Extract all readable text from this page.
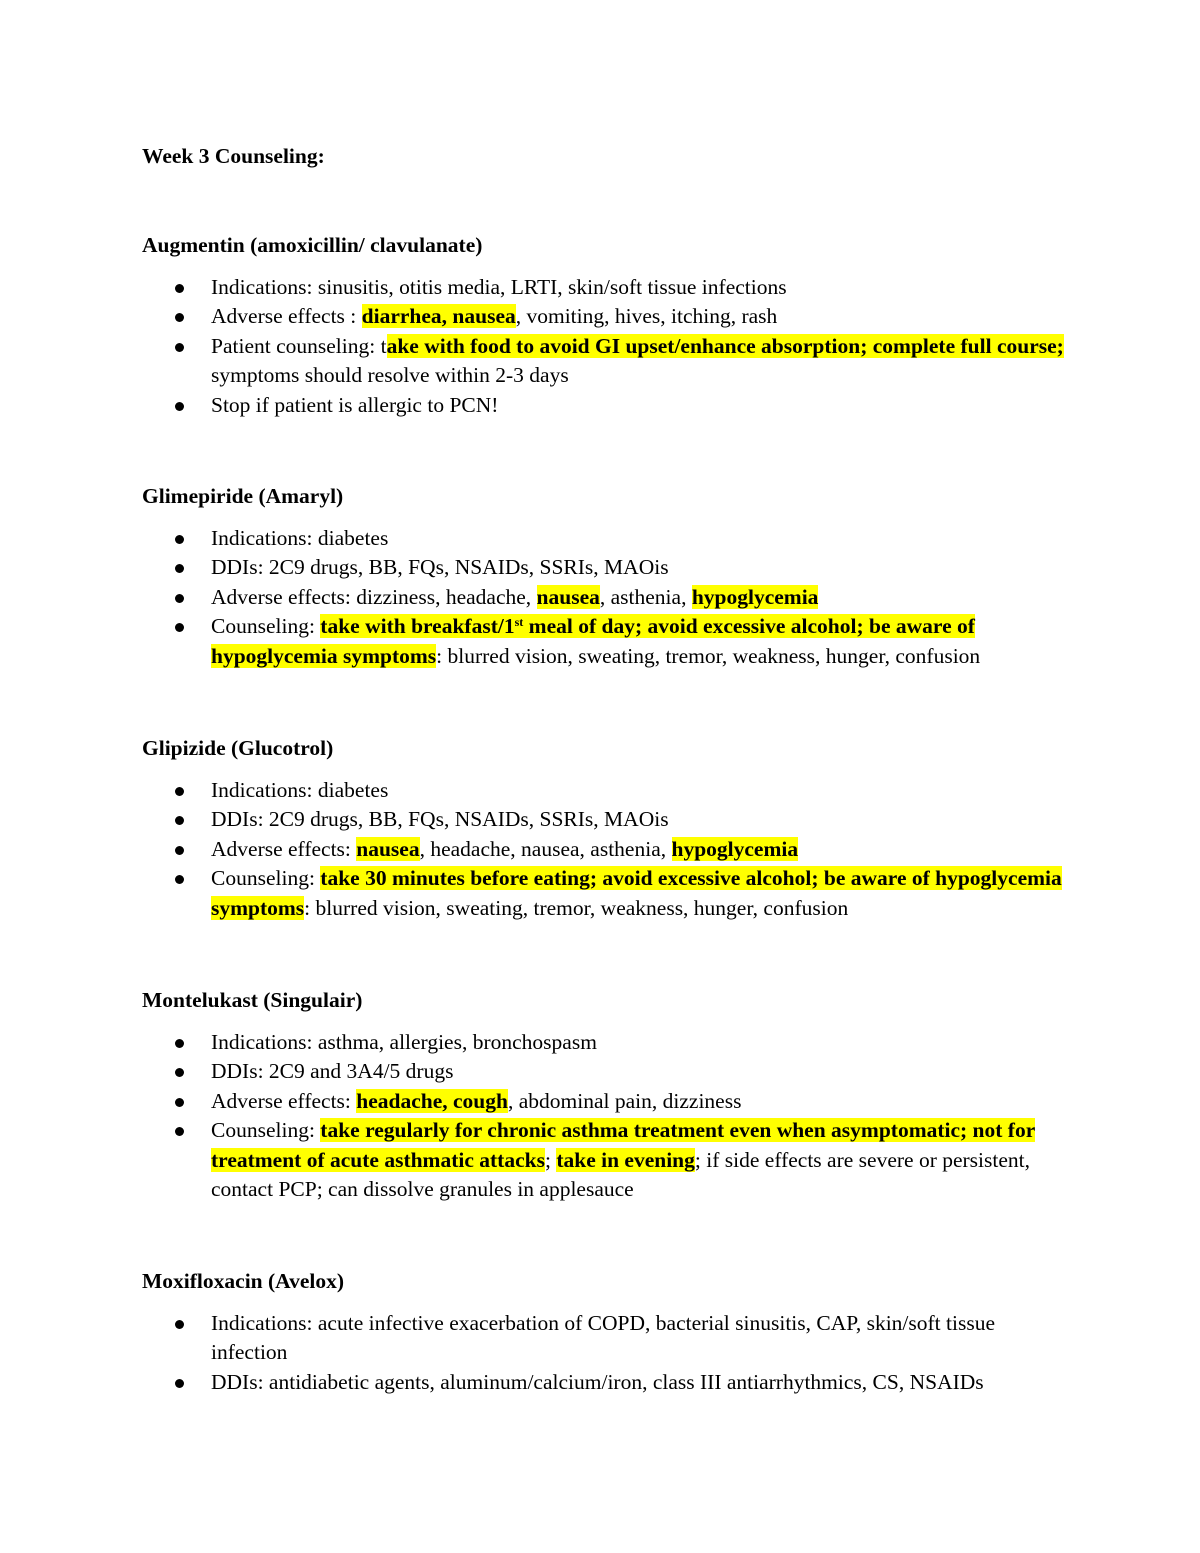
Week 3 Counseling:

Augmentin (amoxicillin/ clavulanate)

Indications: sinusitis, otitis media, LRTI, skin/soft tissue infections
Adverse effects : diarrhea, nausea, vomiting, hives, itching, rash
Patient counseling: take with food to avoid GI upset/enhance absorption; complete full course; symptoms should resolve within 2-3 days
Stop if patient is allergic to PCN!

Glimepiride (Amaryl)

Indications: diabetes
DDIs: 2C9 drugs, BB, FQs, NSAIDs, SSRIs, MAOis
Adverse effects: dizziness, headache, nausea, asthenia, hypoglycemia
Counseling: take with breakfast/1st meal of day; avoid excessive alcohol; be aware of hypoglycemia symptoms: blurred vision, sweating, tremor, weakness, hunger, confusion

Glipizide (Glucotrol)

Indications: diabetes
DDIs: 2C9 drugs, BB, FQs, NSAIDs, SSRIs, MAOis
Adverse effects: nausea, headache, nausea, asthenia, hypoglycemia
Counseling: take 30 minutes before eating; avoid excessive alcohol; be aware of hypoglycemia symptoms: blurred vision, sweating, tremor, weakness, hunger, confusion

Montelukast (Singulair)

Indications: asthma, allergies, bronchospasm
DDIs: 2C9 and 3A4/5 drugs
Adverse effects: headache, cough, abdominal pain, dizziness
Counseling: take regularly for chronic asthma treatment even when asymptomatic; not for treatment of acute asthmatic attacks; take in evening; if side effects are severe or persistent, contact PCP; can dissolve granules in applesauce

Moxifloxacin (Avelox)

Indications: acute infective exacerbation of COPD, bacterial sinusitis, CAP, skin/soft tissue infection
DDIs: antidiabetic agents, aluminum/calcium/iron, class III antiarrhythmics, CS, NSAIDs
